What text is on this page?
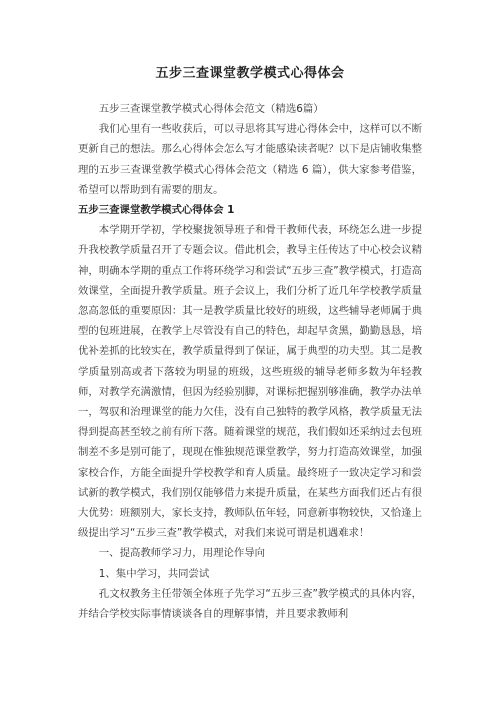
五步三查课堂教学模式心得体会

五步三查课堂教学模式心得体会范文（精选6篇）

我们心里有一些收获后，可以寻思将其写进心得体会中，这样可以不断更新自己的想法。那么心得体会怎么写才能感染读者呢？以下是店铺收集整理的五步三查课堂教学模式心得体会范文（精选 6 篇），供大家参考借鉴，希望可以帮助到有需要的朋友。

五步三查课堂教学模式心得体会 1

本学期开学初，学校聚拢领导班子和骨干教师代表，环绕怎么进一步提升我校教学质量召开了专题会议。借此机会，教导主任传达了中心校会议精神，明确本学期的重点工作将环绕学习和尝试“五步三查”教学模式，打造高效课堂，全面提升教学质量。班子会议上，我们分析了近几年学校教学质量忽高忽低的重要原因：其一是教学质量比较好的班级，这些辅导老师属于典型的包班进展，在教学上尽管没有自己的特色，却起早贪黑，勤勤恳恳，培优补差抓的比较实在，教学质量得到了保证，属于典型的功夫型。其二是教学质量别高或者下落较为明显的班级，这些班级的辅导老师多数为年轻教师，对教学充满激情，但因为经验别脚，对课标把握别够准确，教学办法单一，驾驭和治理课堂的能力欠佳，没有自己独特的教学风格，教学质量无法得到提高甚至较之前有所下落。随着课堂的规范，我们假如还采纳过去包班制差不多是别可能了，现现在惟独规范课堂教学，努力打造高效课堂，加强家校合作，方能全面提升学校教学和育人质量。最终班子一致决定学习和尝试新的教学模式，我们别仅能够借力来提升质量，在某些方面我们还占有很大优势：班额别大，家长支持，教师队伍年轻，同意新事物较快，又恰逢上级提出学习“五步三查”教学模式，对我们来说可谓是机遇难求！

一、提高教师学习力，用理论作导向

1、集中学习，共同尝试

孔文权教务主任带领全体班子先学习“五步三查”教学模式的具体内容，并结合学校实际事情谈谈各自的理解事情，并且要求教师利
